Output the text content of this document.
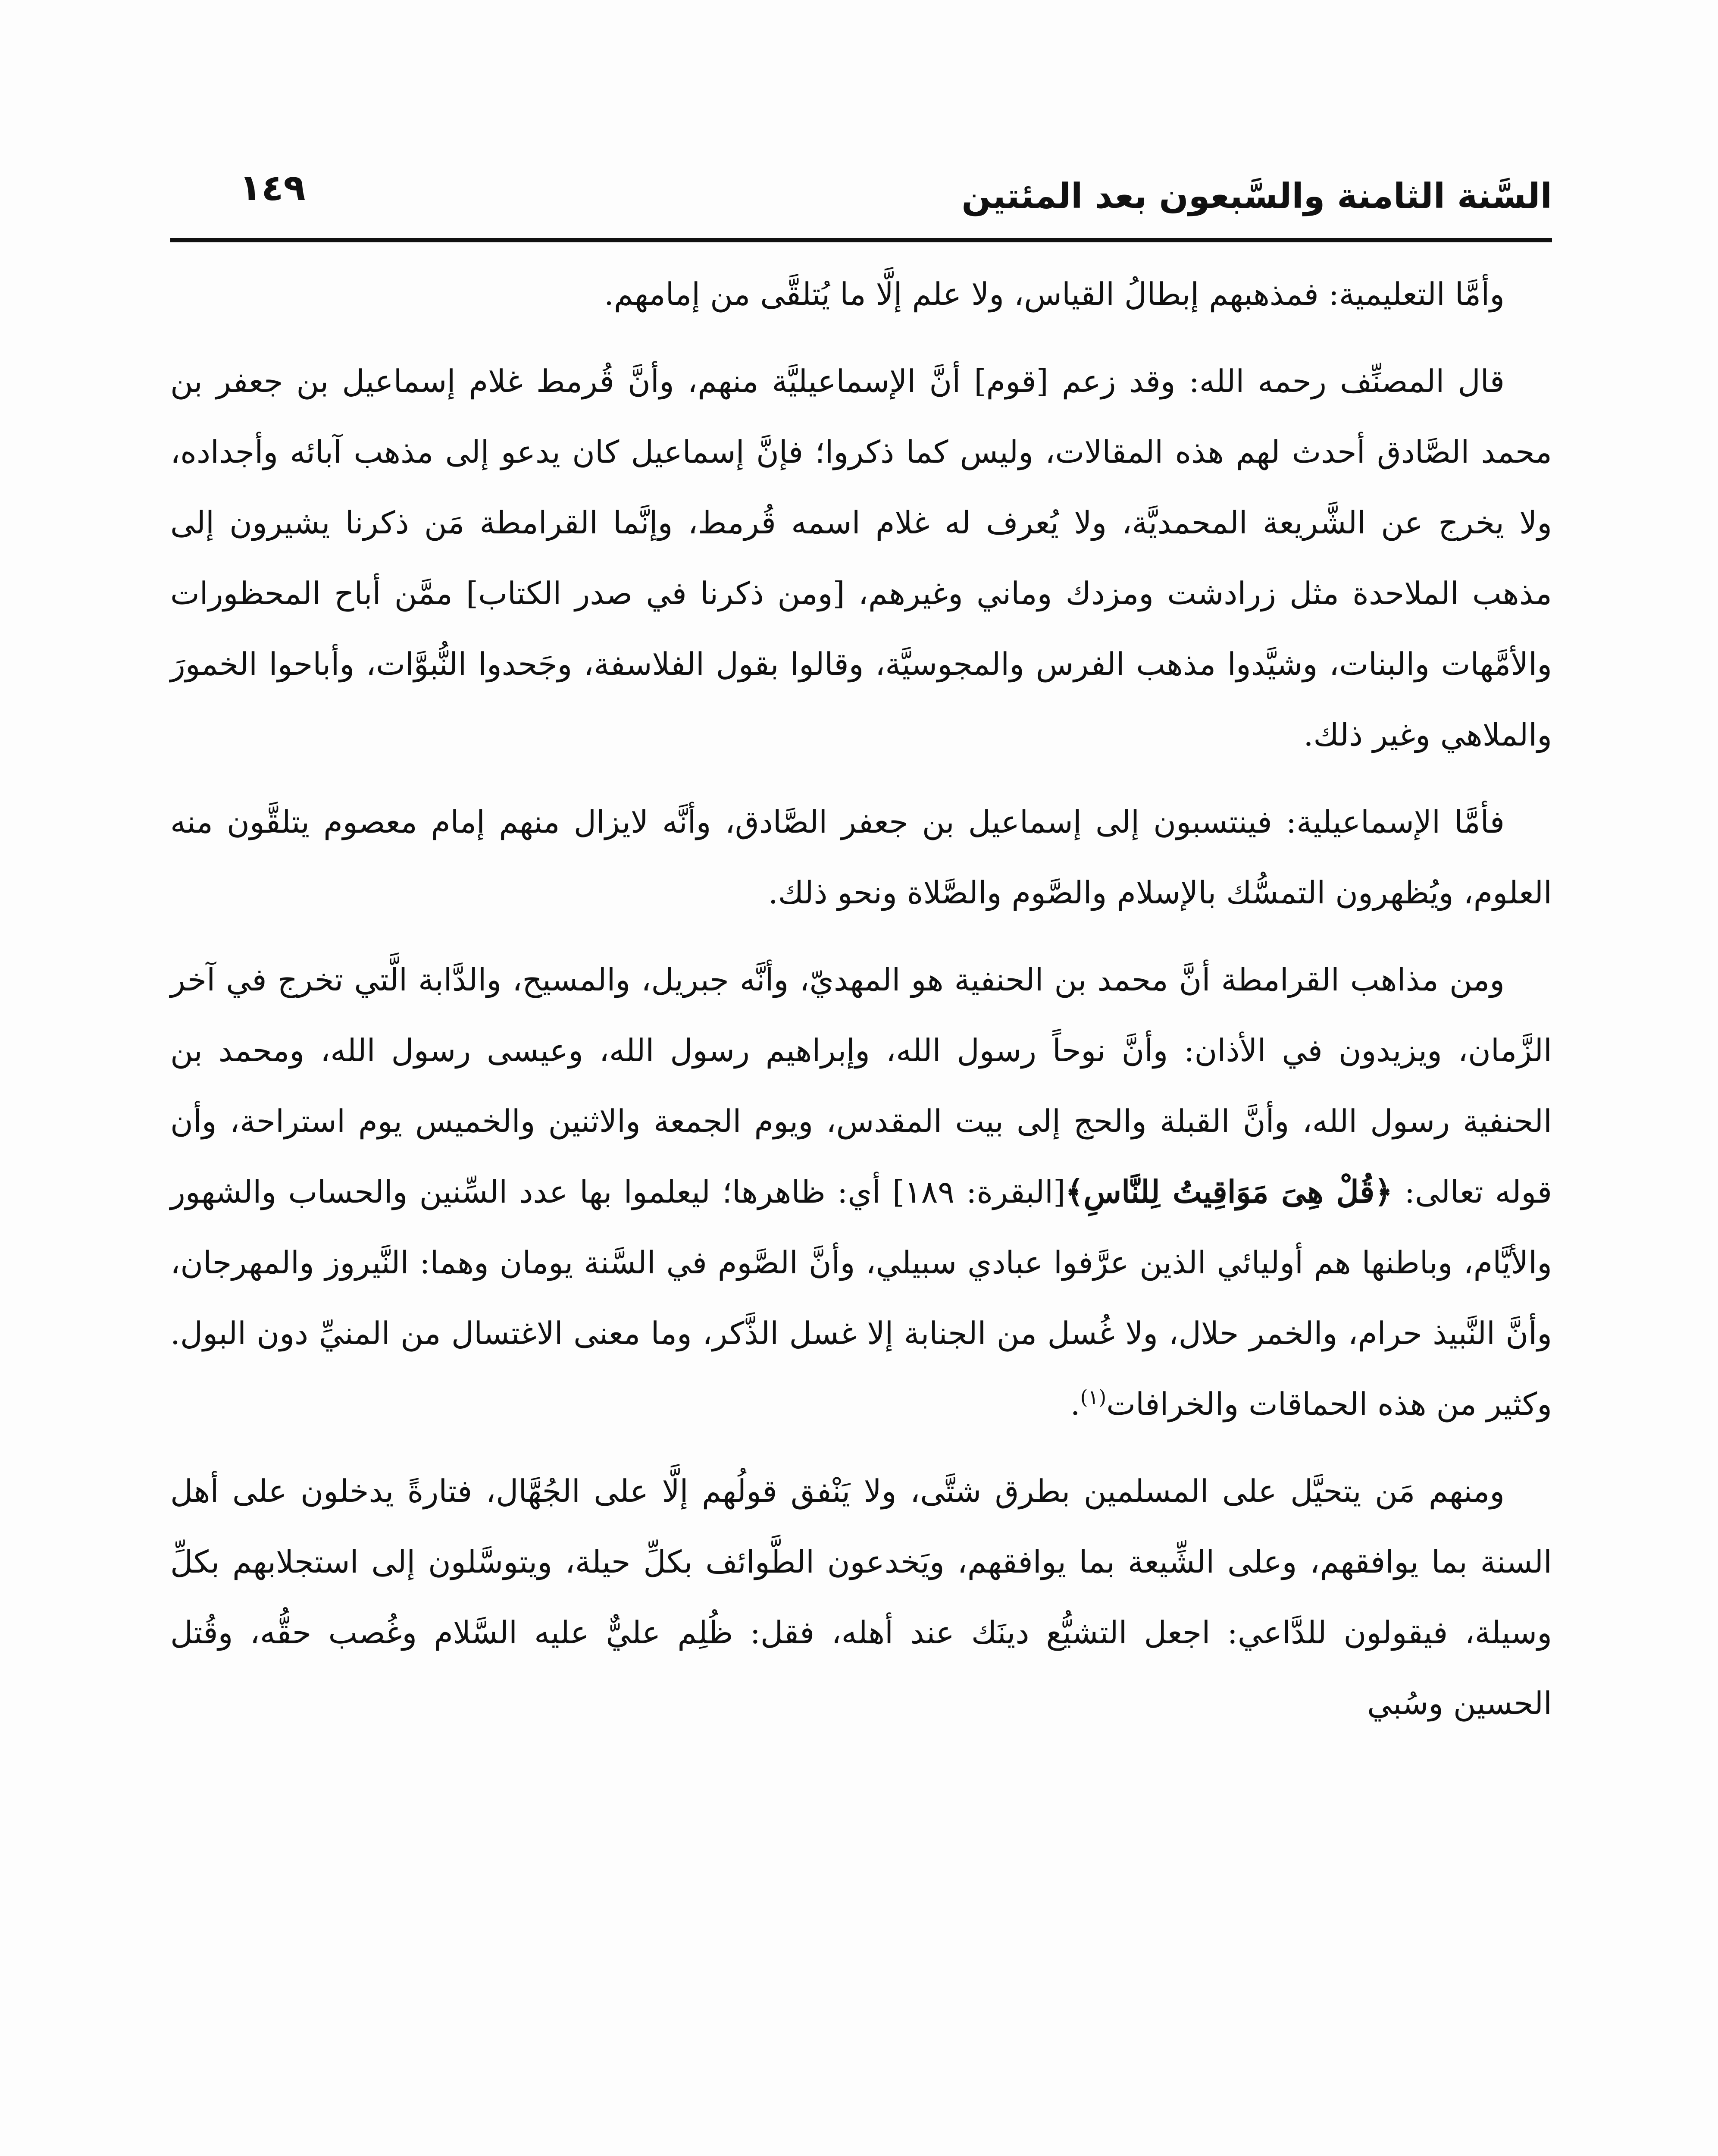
السَّنة الثامنة والسَّبعون بعد المئتين
١٤٩

وأمَّا التعليمية: فمذهبهم إبطالُ القياس، ولا علم إلَّا ما يُتلقَّى من إمامهم.

قال المصنِّف رحمه الله: وقد زعم [قوم] أنَّ الإسماعيليَّة منهم، وأنَّ قُرمط غلام إسماعيل بن جعفر بن محمد الصَّادق أحدث لهم هذه المقالات، وليس كما ذكروا؛ فإنَّ إسماعيل كان يدعو إلى مذهب آبائه وأجداده، ولا يخرج عن الشَّريعة المحمديَّة، ولا يُعرف له غلام اسمه قُرمط، وإنَّما القرامطة مَن ذكرنا يشيرون إلى مذهب الملاحدة مثل زرادشت ومزدك وماني وغيرهم، [ومن ذكرنا في صدر الكتاب] ممَّن أباح المحظورات والأمَّهات والبنات، وشيَّدوا مذهب الفرس والمجوسيَّة، وقالوا بقول الفلاسفة، وجَحدوا النُّبوَّات، وأباحوا الخمورَ والملاهي وغير ذلك.

فأمَّا الإسماعيلية: فينتسبون إلى إسماعيل بن جعفر الصَّادق، وأنَّه لايزال منهم إمام معصوم يتلقَّون منه العلوم، ويُظهرون التمسُّك بالإسلام والصَّوم والصَّلاة ونحو ذلك.

ومن مذاهب القرامطة أنَّ محمد بن الحنفية هو المهديّ، وأنَّه جبريل، والمسيح، والدَّابة الَّتي تخرج في آخر الزَّمان، ويزيدون في الأذان: وأنَّ نوحاً رسول الله، وإبراهيم رسول الله، وعيسى رسول الله، ومحمد بن الحنفية رسول الله، وأنَّ القبلة والحج إلى بيت المقدس، ويوم الجمعة والاثنين والخميس يوم استراحة، وأن قوله تعالى: ﴿قُلْ هِىَ مَوَاقِيتُ لِلنَّاسِ﴾[البقرة: ١٨٩] أي: ظاهرها؛ ليعلموا بها عدد السِّنين والحساب والشهور والأيَّام، وباطنها هم أوليائي الذين عرَّفوا عبادي سبيلي، وأنَّ الصَّوم في السَّنة يومان وهما: النَّيروز والمهرجان، وأنَّ النَّبيذ حرام، والخمر حلال، ولا غُسل من الجنابة إلا غسل الذَّكر، وما معنى الاغتسال من المنيِّ دون البول. وكثير من هذه الحماقات والخرافات$^{(١)}$.

ومنهم مَن يتحيَّل على المسلمين بطرق شتَّى، ولا يَنْفق قولُهم إلَّا على الجُهَّال، فتارةً يدخلون على أهل السنة بما يوافقهم، وعلى الشِّيعة بما يوافقهم، ويَخدعون الطَّوائف بكلِّ حيلة، ويتوسَّلون إلى استجلابهم بكلِّ وسيلة، فيقولون للدَّاعي: اجعل التشيُّع دينَك عند أهله، فقل: ظُلِم عليٌّ عليه السَّلام وغُصب حقُّه، وقُتل الحسين وسُبي
